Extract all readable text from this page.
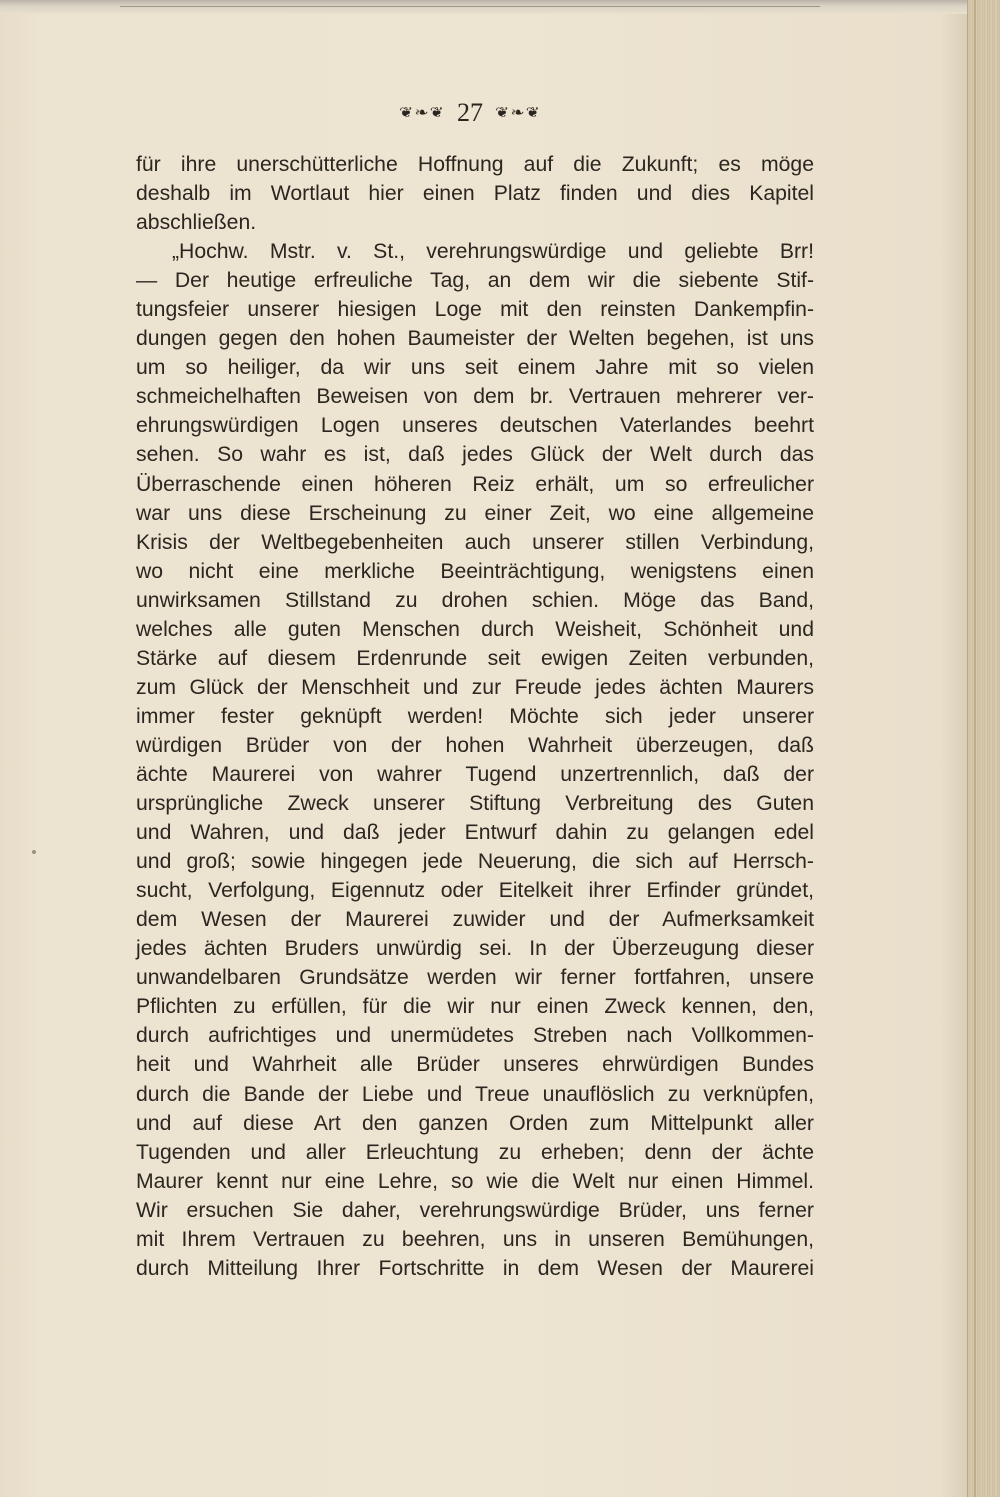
❦❧❦ 27 ❦❧❦
für ihre unerschütterliche Hoffnung auf die Zukunft; es möge
deshalb im Wortlaut hier einen Platz finden und dies Kapitel
abschließen.
„Hochw. Mstr. v. St., verehrungswürdige und geliebte Brr!
— Der heutige erfreuliche Tag, an dem wir die siebente Stif-
tungsfeier unserer hiesigen Loge mit den reinsten Dankempfin-
dungen gegen den hohen Baumeister der Welten begehen, ist uns
um so heiliger, da wir uns seit einem Jahre mit so vielen
schmeichelhaften Beweisen von dem br. Vertrauen mehrerer ver-
ehrungswürdigen Logen unseres deutschen Vaterlandes beehrt
sehen. So wahr es ist, daß jedes Glück der Welt durch das
Überraschende einen höheren Reiz erhält, um so erfreulicher
war uns diese Erscheinung zu einer Zeit, wo eine allgemeine
Krisis der Weltbegebenheiten auch unserer stillen Verbindung,
wo nicht eine merkliche Beeinträchtigung, wenigstens einen
unwirksamen Stillstand zu drohen schien. Möge das Band,
welches alle guten Menschen durch Weisheit, Schönheit und
Stärke auf diesem Erdenrunde seit ewigen Zeiten verbunden,
zum Glück der Menschheit und zur Freude jedes ächten Maurers
immer fester geknüpft werden! Möchte sich jeder unserer
würdigen Brüder von der hohen Wahrheit überzeugen, daß
ächte Maurerei von wahrer Tugend unzertrennlich, daß der
ursprüngliche Zweck unserer Stiftung Verbreitung des Guten
und Wahren, und daß jeder Entwurf dahin zu gelangen edel
und groß; sowie hingegen jede Neuerung, die sich auf Herrsch-
sucht, Verfolgung, Eigennutz oder Eitelkeit ihrer Erfinder gründet,
dem Wesen der Maurerei zuwider und der Aufmerksamkeit
jedes ächten Bruders unwürdig sei. In der Überzeugung dieser
unwandelbaren Grundsätze werden wir ferner fortfahren, unsere
Pflichten zu erfüllen, für die wir nur einen Zweck kennen, den,
durch aufrichtiges und unermüdetes Streben nach Vollkommen-
heit und Wahrheit alle Brüder unseres ehrwürdigen Bundes
durch die Bande der Liebe und Treue unauflöslich zu verknüpfen,
und auf diese Art den ganzen Orden zum Mittelpunkt aller
Tugenden und aller Erleuchtung zu erheben; denn der ächte
Maurer kennt nur eine Lehre, so wie die Welt nur einen Himmel.
Wir ersuchen Sie daher, verehrungswürdige Brüder, uns ferner
mit Ihrem Vertrauen zu beehren, uns in unseren Bemühungen,
durch Mitteilung Ihrer Fortschritte in dem Wesen der Maurerei
